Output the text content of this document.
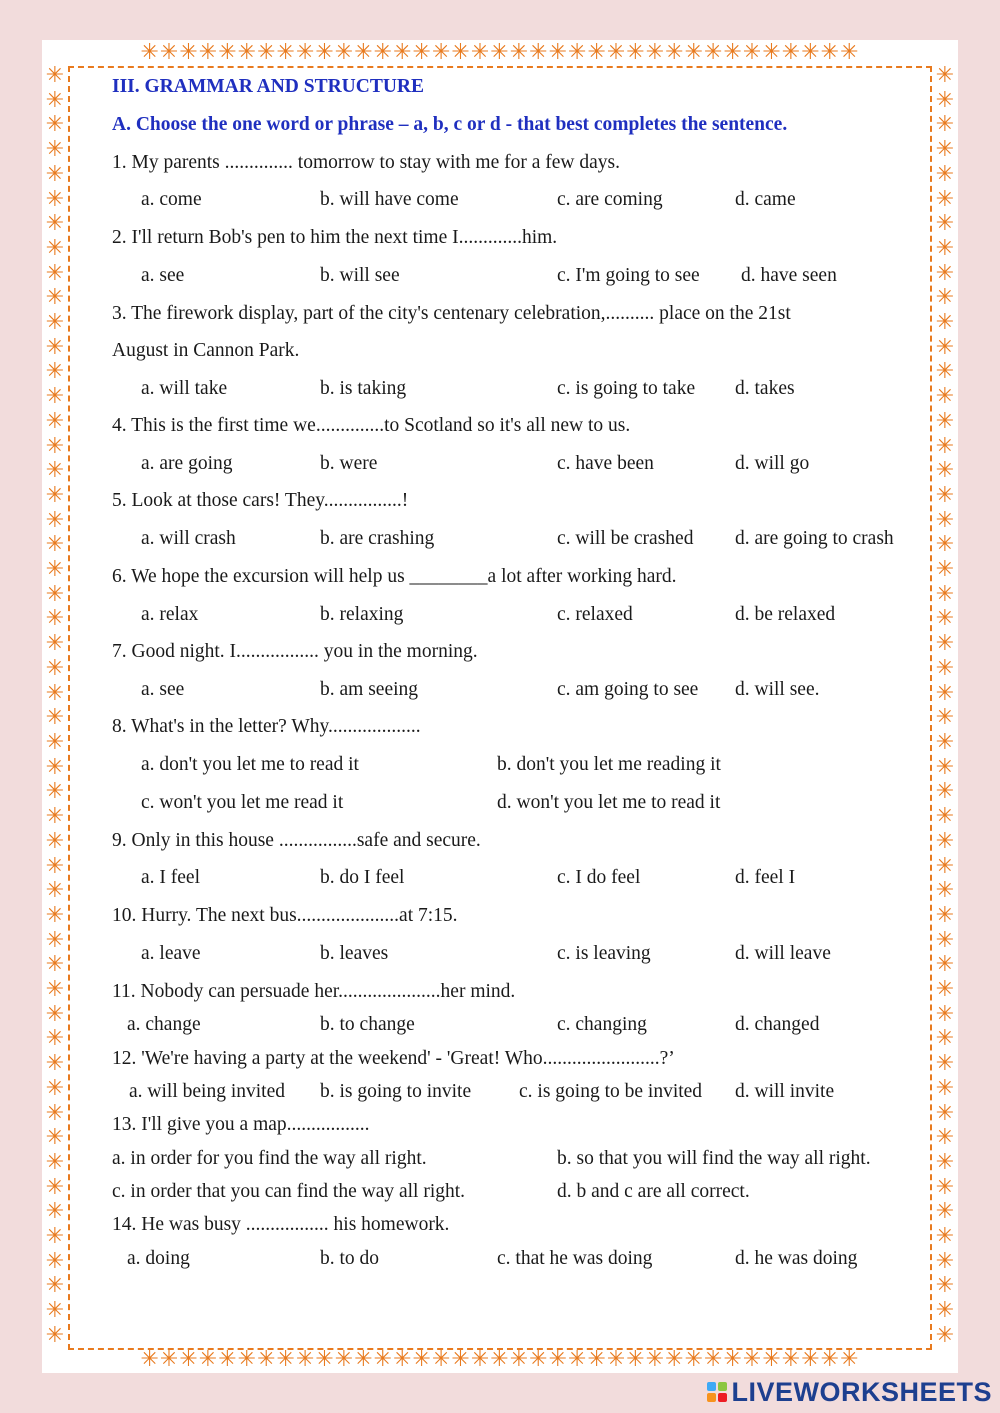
✳✳✳✳✳✳✳✳✳✳✳✳✳✳✳✳✳✳✳✳✳✳✳✳✳✳✳✳✳✳✳✳✳✳✳✳✳
✳✳✳✳✳✳✳✳✳✳✳✳✳✳✳✳✳✳✳✳✳✳✳✳✳✳✳✳✳✳✳✳✳✳✳✳✳
✳
✳
✳
✳
✳
✳
✳
✳
✳
✳
✳
✳
✳
✳
✳
✳
✳
✳
✳
✳
✳
✳
✳
✳
✳
✳
✳
✳
✳
✳
✳
✳
✳
✳
✳
✳
✳
✳
✳
✳
✳
✳
✳
✳
✳
✳
✳
✳
✳
✳
✳
✳
✳
✳
✳
✳
✳
✳
✳
✳
✳
✳
✳
✳
✳
✳
✳
✳
✳
✳
✳
✳
✳
✳
✳
✳
✳
✳
✳
✳
✳
✳
✳
✳
✳
✳
✳
✳
✳
✳
✳
✳
✳
✳
✳
✳
✳
✳
✳
✳
✳
✳
✳
✳
III. GRAMMAR AND STRUCTURE
A. Choose the one word or phrase – a, b, c or d - that best completes the sentence.
1. My parents .............. tomorrow to stay with me for a few days.
a. come	b. will have come	c. are coming	d. came
2. I'll return Bob's pen to him the next time I.............him.
a. see	b. will see	c. I'm going to see d. have seen
3. The firework display, part of the city's centenary celebration,.......... place on the 21st
August in Cannon Park.
a. will take	b. is taking	c. is going to take d. takes
4. This is the first time we..............to Scotland so it's all new to us.
a. are going	b. were	c. have been	d. will go
5. Look at those cars! They................!
a. will crash	b. are crashing	c. will be crashed d. are going to crash
6. We hope the excursion will help us ________a lot after working hard.
a. relax	b. relaxing	c. relaxed	d. be relaxed
7. Good night. I................. you in the morning.
a. see	b. am seeing	c. am going to see d. will see.
8. What's in the letter? Why...................
a. don't you let me to read it	b. don't you let me reading it
c. won't you let me read it	d. won't you let me to read it
9. Only in this house ................safe and secure.
a. I feel	b. do I feel	c. I do feel	d. feel I
10. Hurry. The next bus.....................at 7:15.
a. leave	b. leaves	c. is leaving	d. will leave
11. Nobody can persuade her.....................her mind.
a. change	b. to change	c. changing	d. changed
12. 'We're having a party at the weekend' - 'Great! Who........................?’
a. will being invited b. is going to invite c. is going to be invited d. will invite
13. I'll give you a map.................
a. in order for you find the way all right.	b. so that you will find the way all right.
c. in order that you can find the way all right.	d. b and c are all correct.
14. He was busy ................. his homework.
a. doing	b. to do	c. that he was doing	d. he was doing
LIVEWORKSHEETS
